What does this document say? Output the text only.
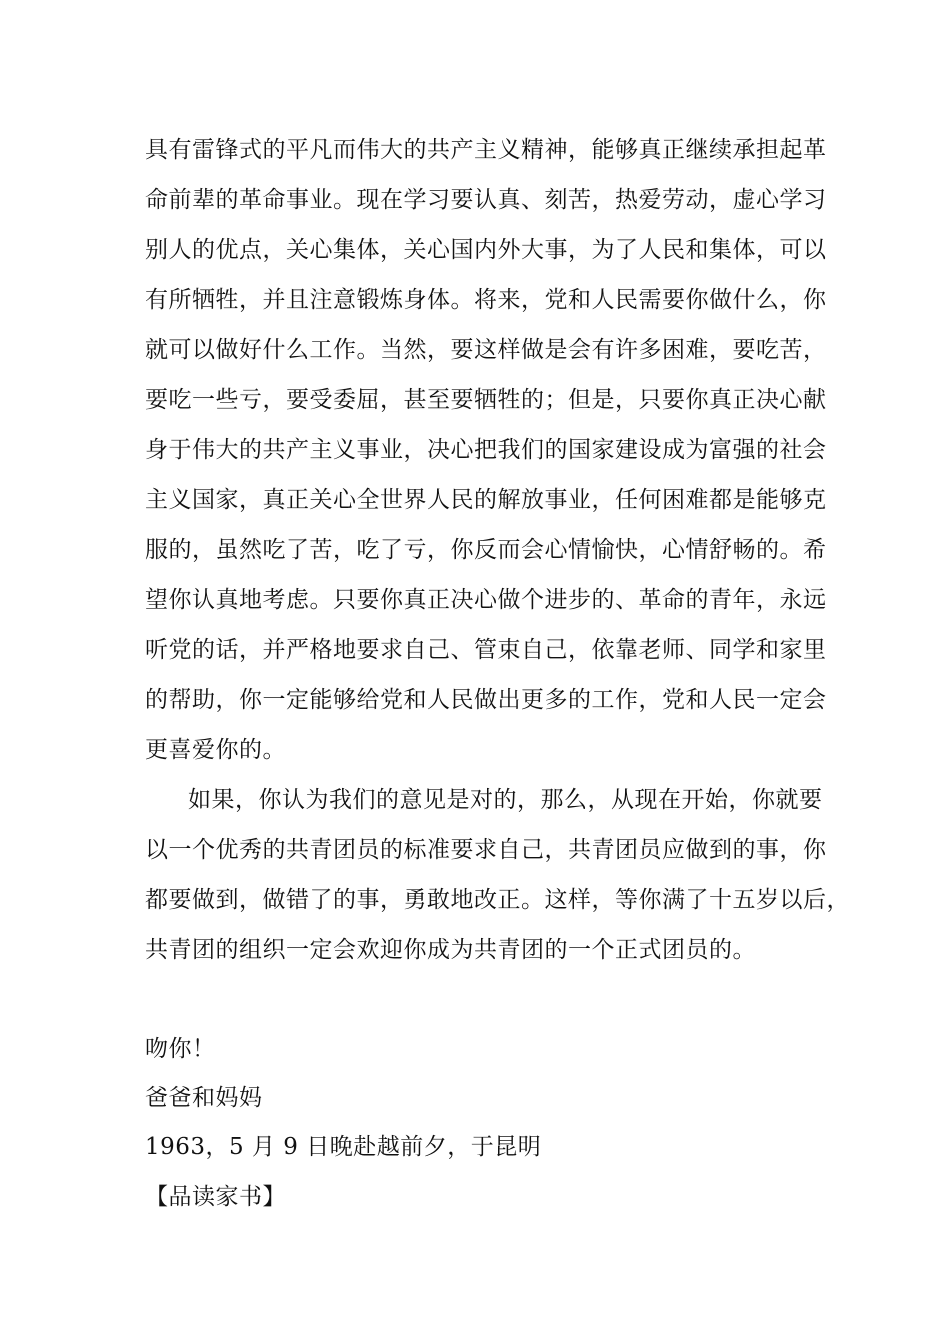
具有雷锋式的平凡而伟大的共产主义精神，能够真正继续承担起革
命前辈的革命事业。现在学习要认真、刻苦，热爱劳动，虚心学习
别人的优点，关心集体，关心国内外大事，为了人民和集体，可以
有所牺牲，并且注意锻炼身体。将来，党和人民需要你做什么，你
就可以做好什么工作。当然，要这样做是会有许多困难，要吃苦，
要吃一些亏，要受委屈，甚至要牺牲的；但是，只要你真正决心献
身于伟大的共产主义事业，决心把我们的国家建设成为富强的社会
主义国家，真正关心全世界人民的解放事业，任何困难都是能够克
服的，虽然吃了苦，吃了亏，你反而会心情愉快，心情舒畅的。希
望你认真地考虑。只要你真正决心做个进步的、革命的青年，永远
听党的话，并严格地要求自己、管束自己，依靠老师、同学和家里
的帮助，你一定能够给党和人民做出更多的工作，党和人民一定会
更喜爱你的。
如果，你认为我们的意见是对的，那么，从现在开始，你就要
以一个优秀的共青团员的标准要求自己，共青团员应做到的事，你
都要做到，做错了的事，勇敢地改正。这样，等你满了十五岁以后，
共青团的组织一定会欢迎你成为共青团的一个正式团员的。
吻你！
爸爸和妈妈
1963，5 月 9 日晚赴越前夕，于昆明
【品读家书】
